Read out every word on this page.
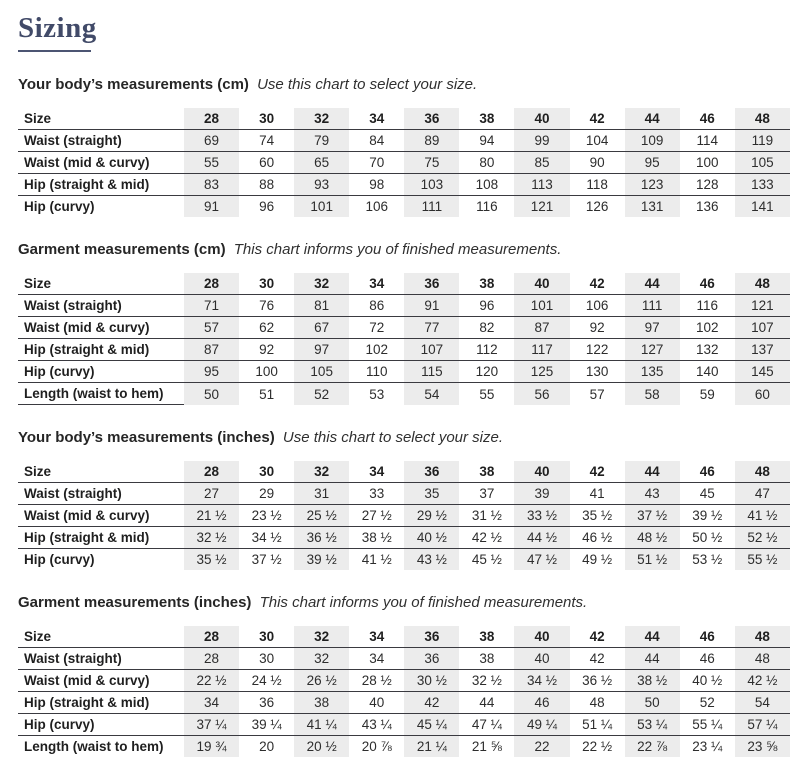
Sizing

Your body’s measurements (cm) Use this chart to select your size.

Size	28	30	32	34	36	38	40	42	44	46	48
Waist (straight)	69	74	79	84	89	94	99	104	109	114	119
Waist (mid & curvy)	55	60	65	70	75	80	85	90	95	100	105
Hip (straight & mid)	83	88	93	98	103	108	113	118	123	128	133
Hip (curvy)	91	96	101	106	111	116	121	126	131	136	141

Garment measurements (cm) This chart informs you of finished measurements.

Size	28	30	32	34	36	38	40	42	44	46	48
Waist (straight)	71	76	81	86	91	96	101	106	111	116	121
Waist (mid & curvy)	57	62	67	72	77	82	87	92	97	102	107
Hip (straight & mid)	87	92	97	102	107	112	117	122	127	132	137
Hip (curvy)	95	100	105	110	115	120	125	130	135	140	145
Length (waist to hem)	50	51	52	53	54	55	56	57	58	59	60

Your body’s measurements (inches) Use this chart to select your size.

Size	28	30	32	34	36	38	40	42	44	46	48
Waist (straight)	27	29	31	33	35	37	39	41	43	45	47
Waist (mid & curvy)	21 ½	23 ½	25 ½	27 ½	29 ½	31 ½	33 ½	35 ½	37 ½	39 ½	41 ½
Hip (straight & mid)	32 ½	34 ½	36 ½	38 ½	40 ½	42 ½	44 ½	46 ½	48 ½	50 ½	52 ½
Hip (curvy)	35 ½	37 ½	39 ½	41 ½	43 ½	45 ½	47 ½	49 ½	51 ½	53 ½	55 ½

Garment measurements (inches) This chart informs you of finished measurements.

Size	28	30	32	34	36	38	40	42	44	46	48
Waist (straight)	28	30	32	34	36	38	40	42	44	46	48
Waist (mid & curvy)	22 ½	24 ½	26 ½	28 ½	30 ½	32 ½	34 ½	36 ½	38 ½	40 ½	42 ½
Hip (straight & mid)	34	36	38	40	42	44	46	48	50	52	54
Hip (curvy)	37 ¼	39 ¼	41 ¼	43 ¼	45 ¼	47 ¼	49 ¼	51 ¼	53 ¼	55 ¼	57 ¼
Length (waist to hem)	19 ¾	20	20 ½	20 ⅞	21 ¼	21 ⅝	22	22 ½	22 ⅞	23 ¼	23 ⅝
